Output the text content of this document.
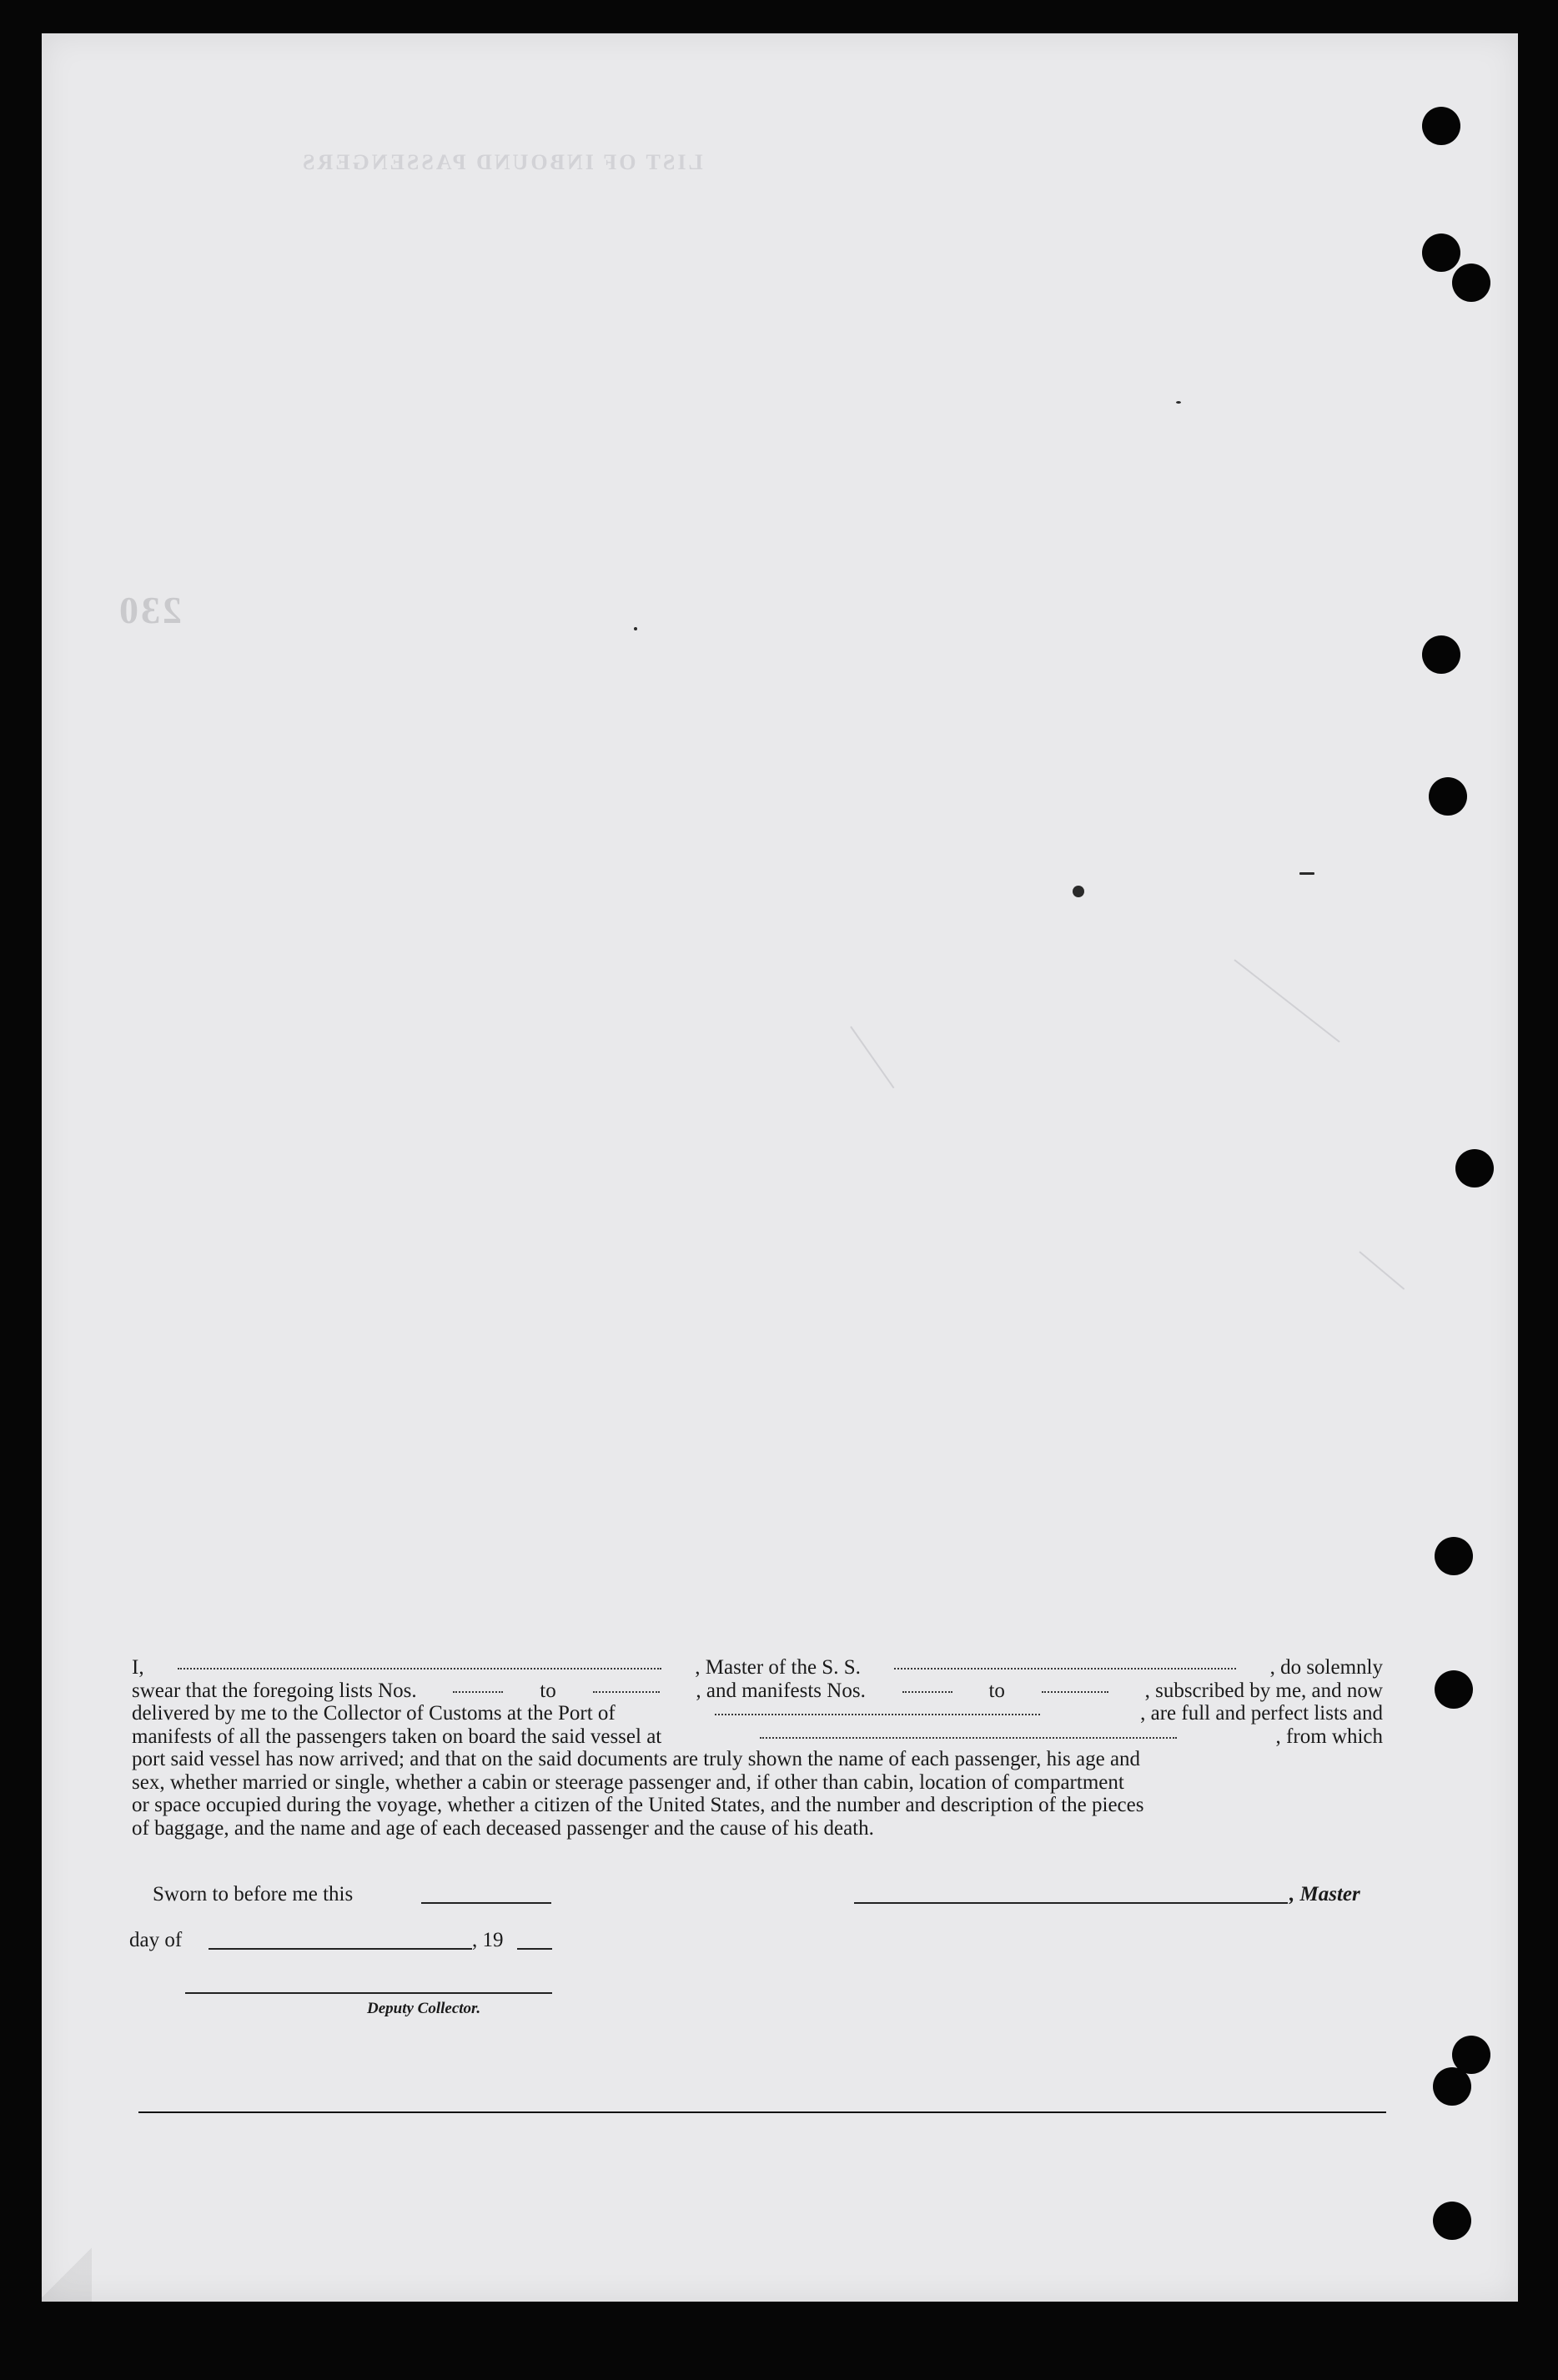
LIST OF INBOUND PASSENGERS
230
I,	, Master of the S. S.	, do solemnly
swear that the foregoing lists Nos.	to	, and manifests Nos.	to	, subscribed by me, and now
delivered by me to the Collector of Customs at the Port of	, are full and perfect lists and
manifests of all the passengers taken on board the said vessel at	, from which

port said vessel has now arrived; and that on the said documents are truly shown the name of each passenger, his age and

sex, whether married or single, whether a cabin or steerage passenger and, if other than cabin, location of compartment

or space occupied during the voyage, whether a citizen of the United States, and the number and description of the pieces

of baggage, and the name and age of each deceased passenger and the cause of his death.

Sworn to before me this	, Master
day of	, 19
Deputy Collector.
